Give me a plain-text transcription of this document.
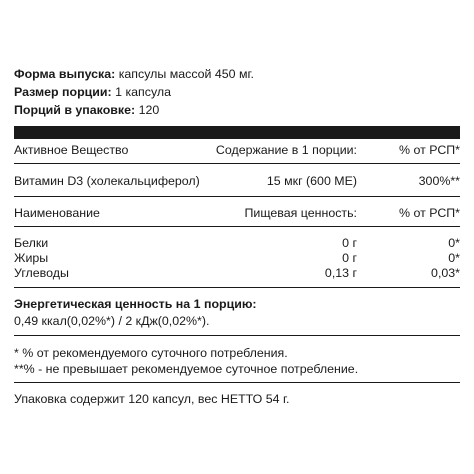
Форма выпуска: капсулы массой 450 мг.
Размер порции: 1 капсула
Порций в упаковке: 120
Активное Вещество	Содержание в 1 порции:	% от РСП*
Витамин D3 (холекальциферол)	15 мкг (600 МЕ)	300%**
Наименование	Пищевая ценность:	% от РСП*
Белки	0 г	0*
Жиры	0 г	0*
Углеводы	0,13 г	0,03*
Энергетическая ценность на 1 порцию:
0,49 ккал(0,02%*) / 2 кДж(0,02%*).
* % от рекомендуемого суточного потребления.
**% - не превышает рекомендуемое суточное потребление.
Упаковка содержит 120 капсул, вес НЕТТО 54 г.
